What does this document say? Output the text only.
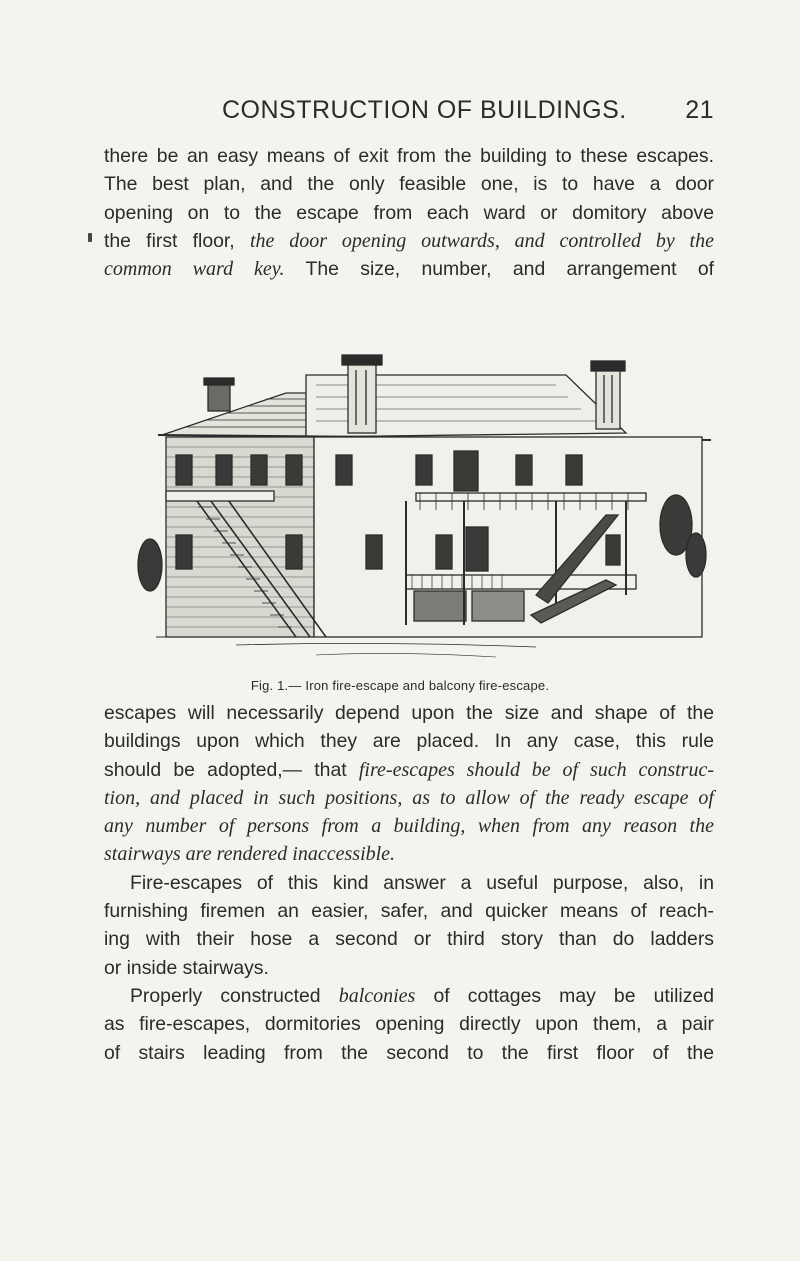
CONSTRUCTION OF BUILDINGS. 21
there be an easy means of exit from the building to these escapes.
The best plan, and the only feasible one, is to have a door
opening on to the escape from each ward or domitory above
the first floor, the door opening outwards, and controlled by the
common ward key. The size, number, and arrangement of
Fig. 1.— Iron fire-escape and balcony fire-escape.
escapes will necessarily depend upon the size and shape of the
buildings upon which they are placed. In any case, this rule
should be adopted,— that fire-escapes should be of such construc-
tion, and placed in such positions, as to allow of the ready escape of
any number of persons from a building, when from any reason the
stairways are rendered inaccessible.
Fire-escapes of this kind answer a useful purpose, also, in
furnishing firemen an easier, safer, and quicker means of reach-
ing with their hose a second or third story than do ladders
or inside stairways.
Properly constructed balconies of cottages may be utilized
as fire-escapes, dormitories opening directly upon them, a pair
of stairs leading from the second to the first floor of the
